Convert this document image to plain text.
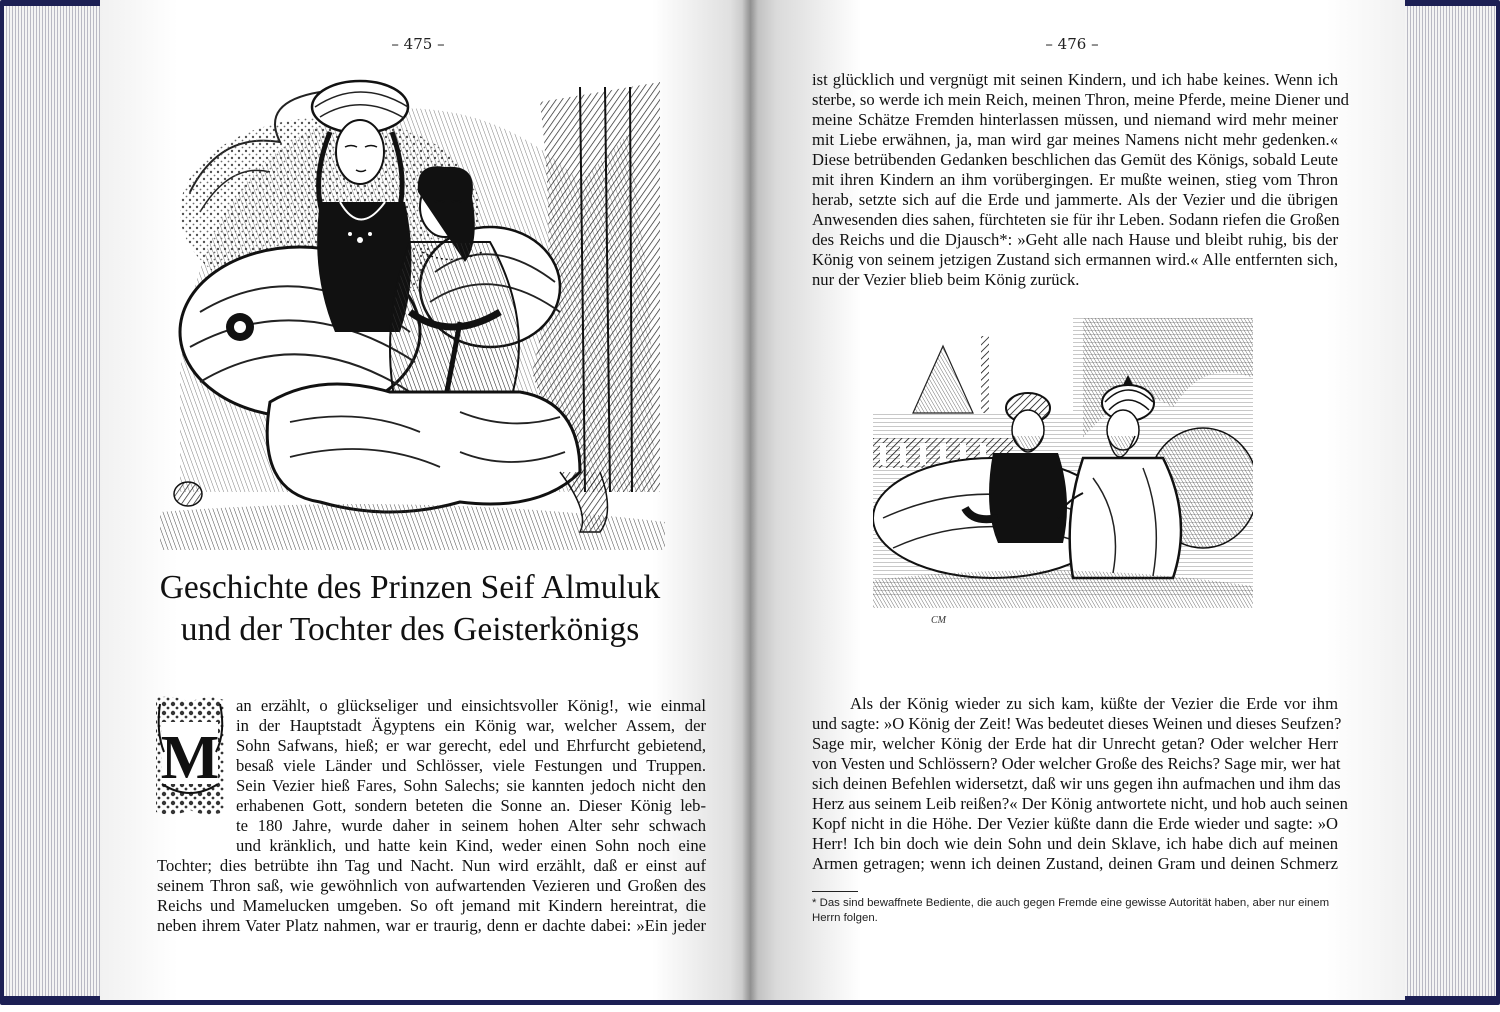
– 475 –	– 476 –
Geschichte des Prinzen Seif Almuluk
und der Tochter des Geisterkönigs
M
an erzählt, o glückseliger und einsichtsvoller König!, wie einmal
in der Hauptstadt Ägyptens ein König war, welcher Assem, der
Sohn Safwans, hieß; er war gerecht, edel und Ehrfurcht gebietend,
besaß viele Länder und Schlösser, viele Festungen und Truppen.
Sein Vezier hieß Fares, Sohn Salechs; sie kannten jedoch nicht den
erhabenen Gott, sondern beteten die Sonne an. Dieser König leb-
te 180 Jahre, wurde daher in seinem hohen Alter sehr schwach
und kränklich, und hatte kein Kind, weder einen Sohn noch eine
Tochter; dies betrübte ihn Tag und Nacht. Nun wird erzählt, daß er einst auf
seinem Thron saß, wie gewöhnlich von aufwartenden Vezieren und Großen des
Reichs und Mamelucken umgeben. So oft jemand mit Kindern hereintrat, die
neben ihrem Vater Platz nahmen, war er traurig, denn er dachte dabei: »Ein jeder
ist glücklich und vergnügt mit seinen Kindern, und ich habe keines. Wenn ich
sterbe, so werde ich mein Reich, meinen Thron, meine Pferde, meine Diener und
meine Schätze Fremden hinterlassen müssen, und niemand wird mehr meiner
mit Liebe erwähnen, ja, man wird gar meines Namens nicht mehr gedenken.«
Diese betrübenden Gedanken beschlichen das Gemüt des Königs, sobald Leute
mit ihren Kindern an ihm vorübergingen. Er mußte weinen, stieg vom Thron
herab, setzte sich auf die Erde und jammerte. Als der Vezier und die übrigen
Anwesenden dies sahen, fürchteten sie für ihr Leben. Sodann riefen die Großen
des Reichs und die Djausch*: »Geht alle nach Hause und bleibt ruhig, bis der
König von seinem jetzigen Zustand sich ermannen wird.« Alle entfernten sich,
nur der Vezier blieb beim König zurück.
CM
Als der König wieder zu sich kam, küßte der Vezier die Erde vor ihm
und sagte: »O König der Zeit! Was bedeutet dieses Weinen und dieses Seufzen?
Sage mir, welcher König der Erde hat dir Unrecht getan? Oder welcher Herr
von Vesten und Schlössern? Oder welcher Große des Reichs? Sage mir, wer hat
sich deinen Befehlen widersetzt, daß wir uns gegen ihn aufmachen und ihm das
Herz aus seinem Leib reißen?« Der König antwortete nicht, und hob auch seinen
Kopf nicht in die Höhe. Der Vezier küßte dann die Erde wieder und sagte: »O
Herr! Ich bin doch wie dein Sohn und dein Sklave, ich habe dich auf meinen
Armen getragen; wenn ich deinen Zustand, deinen Gram und deinen Schmerz
* Das sind bewaffnete Bediente, die auch gegen Fremde eine gewisse Autorität haben, aber nur einem
Herrn folgen.
